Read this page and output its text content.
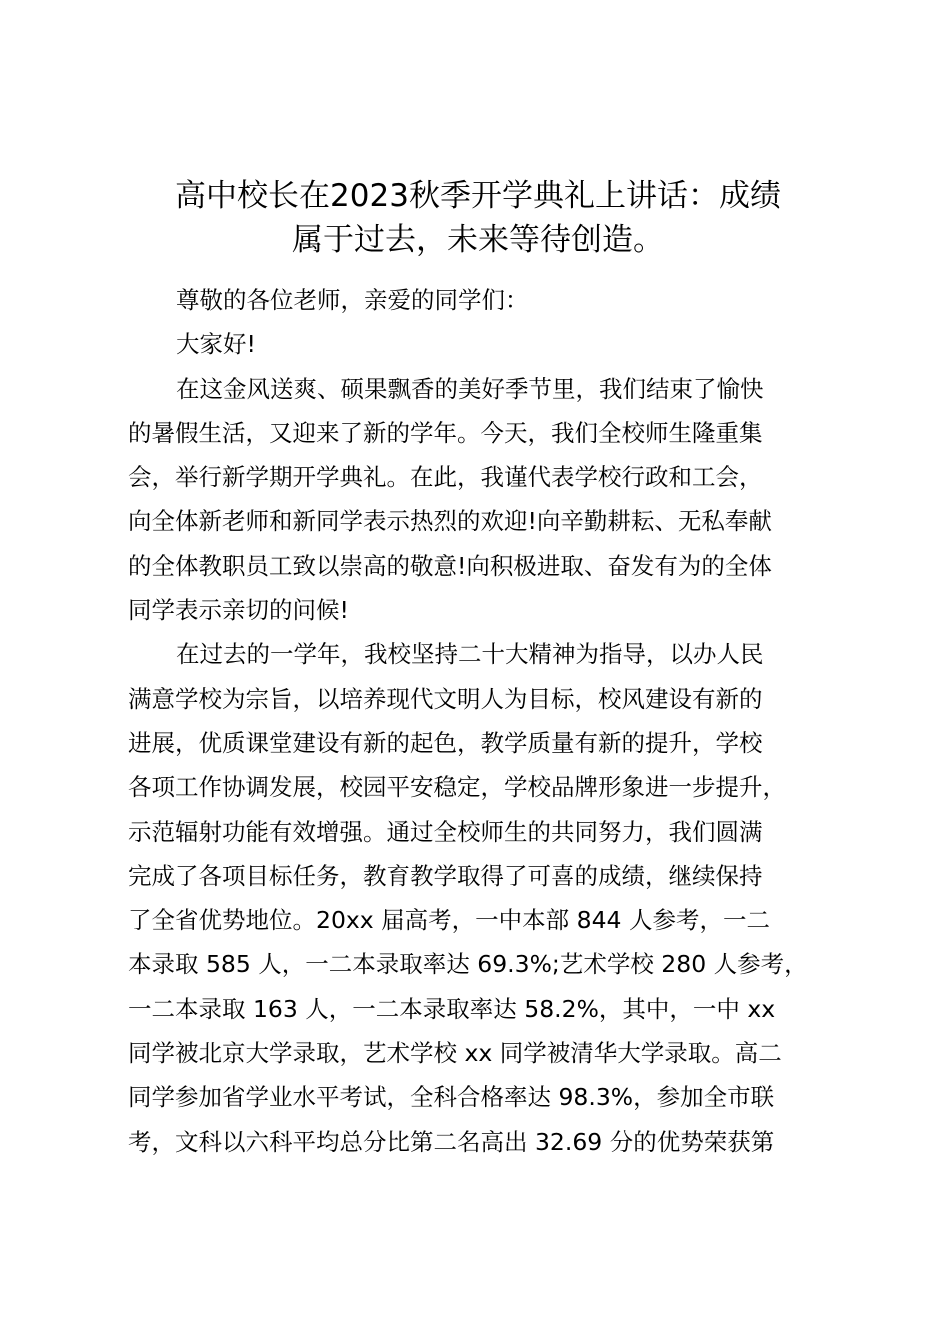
高中校长在2023秋季开学典礼上讲话：成绩
属于过去，未来等待创造。
尊敬的各位老师，亲爱的同学们：
大家好!
在这金风送爽、硕果飘香的美好季节里，我们结束了愉快
的暑假生活，又迎来了新的学年。今天，我们全校师生隆重集
会，举行新学期开学典礼。在此，我谨代表学校行政和工会，
向全体新老师和新同学表示热烈的欢迎!向辛勤耕耘、无私奉献
的全体教职员工致以崇高的敬意!向积极进取、奋发有为的全体
同学表示亲切的问候!
在过去的一学年，我校坚持二十大精神为指导，以办人民
满意学校为宗旨，以培养现代文明人为目标，校风建设有新的
进展，优质课堂建设有新的起色，教学质量有新的提升，学校
各项工作协调发展，校园平安稳定，学校品牌形象进一步提升，
示范辐射功能有效增强。通过全校师生的共同努力，我们圆满
完成了各项目标任务，教育教学取得了可喜的成绩，继续保持
了全省优势地位。20xx 届高考，一中本部 844 人参考，一二
本录取 585 人，一二本录取率达 69.3%;艺术学校 280 人参考，
一二本录取 163 人，一二本录取率达 58.2%，其中，一中 xx
同学被北京大学录取，艺术学校 xx 同学被清华大学录取。高二
同学参加省学业水平考试，全科合格率达 98.3%，参加全市联
考，文科以六科平均总分比第二名高出 32.69 分的优势荣获第
